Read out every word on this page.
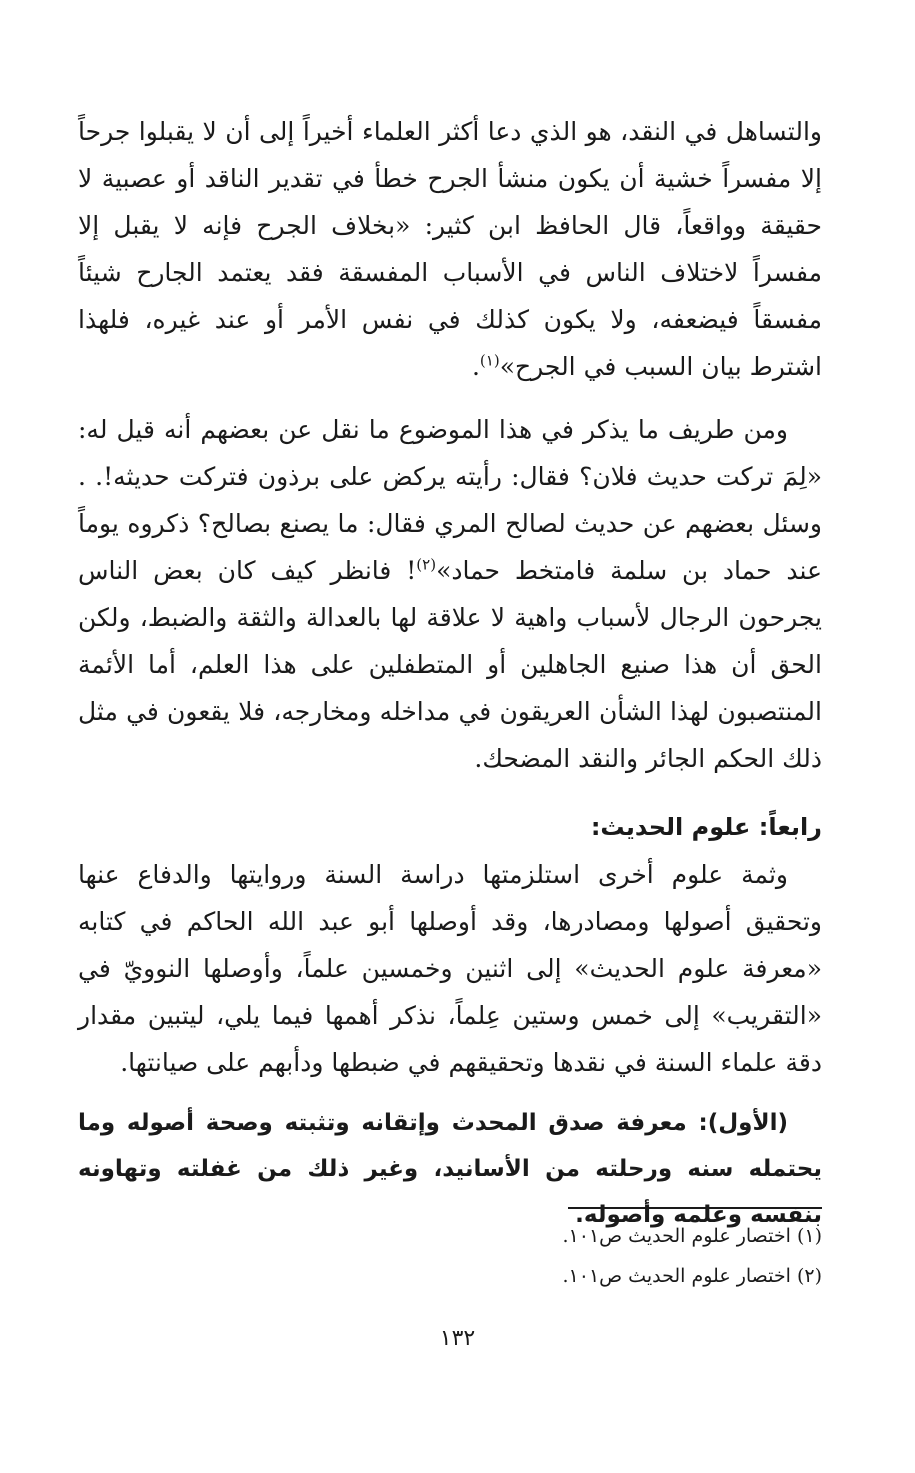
والتساهل في النقد، هو الذي دعا أكثر العلماء أخيراً إلى أن لا يقبلوا جرحاً إلا مفسراً خشية أن يكون منشأ الجرح خطأ في تقدير الناقد أو عصبية لا حقيقة وواقعاً، قال الحافظ ابن كثير: «بخلاف الجرح فإنه لا يقبل إلا مفسراً لاختلاف الناس في الأسباب المفسقة فقد يعتمد الجارح شيئاً مفسقاً فيضعفه، ولا يكون كذلك في نفس الأمر أو عند غيره، فلهذا اشترط بيان السبب في الجرح»$^{(١)}$.

ومن طريف ما يذكر في هذا الموضوع ما نقل عن بعضهم أنه قيل له: «لِمَ تركت حديث فلان؟ فقال: رأيته يركض على برذون فتركت حديثه!. . وسئل بعضهم عن حديث لصالح المري فقال: ما يصنع بصالح؟ ذكروه يوماً عند حماد بن سلمة فامتخط حماد»$^{(٢)}$! فانظر كيف كان بعض الناس يجرحون الرجال لأسباب واهية لا علاقة لها بالعدالة والثقة والضبط، ولكن الحق أن هذا صنيع الجاهلين أو المتطفلين على هذا العلم، أما الأئمة المنتصبون لهذا الشأن العريقون في مداخله ومخارجه، فلا يقعون في مثل ذلك الحكم الجائر والنقد المضحك.

رابعاً: علوم الحديث:

وثمة علوم أخرى استلزمتها دراسة السنة وروايتها والدفاع عنها وتحقيق أصولها ومصادرها، وقد أوصلها أبو عبد الله الحاكم في كتابه «معرفة علوم الحديث» إلى اثنين وخمسين علماً، وأوصلها النوويّ في «التقريب» إلى خمس وستين عِلماً، نذكر أهمها فيما يلي، ليتبين مقدار دقة علماء السنة في نقدها وتحقيقهم في ضبطها ودأبهم على صيانتها.

(الأول): معرفة صدق المحدث وإتقانه وتثبته وصحة أصوله وما يحتمله سنه ورحلته من الأسانيد، وغير ذلك من غفلته وتهاونه بنفسه وعلمه وأصوله.

(١) اختصار علوم الحديث ص١٠١.

(٢) اختصار علوم الحديث ص١٠١.

١٣٢
